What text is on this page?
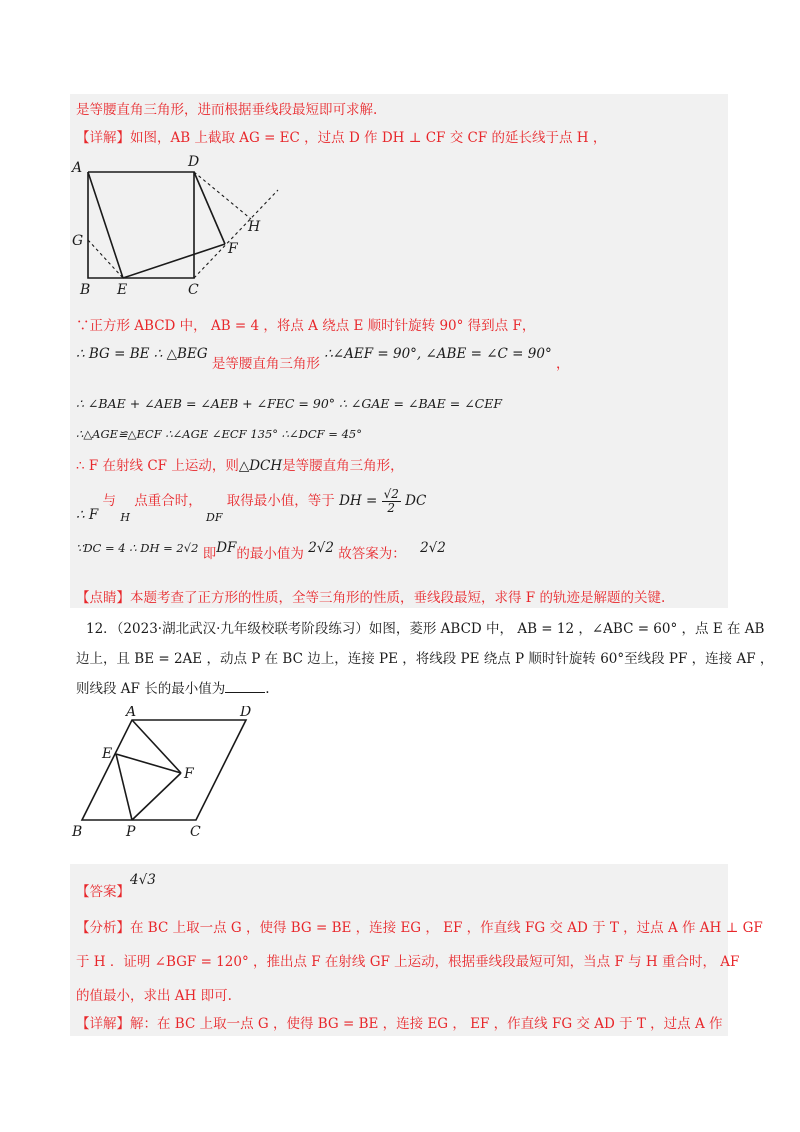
是等腰直角三角形，进而根据垂线段最短即可求解.
【详解】如图，AB 上截取 AG = EC ，过点 D 作 DH ⊥ CF 交 CF 的延长线于点 H ，
A	D
G
H
F
B E	C
∵正方形 ABCD 中， AB = 4 ，将点 A 绕点 E 顺时针旋转 90° 得到点 F，
∴ BG = BE ∴ △BEG 是等腰直角三角形 ∴∠AEF = 90°, ∠ABE = ∠C = 90° ，
∴ ∠BAE + ∠AEB = ∠AEB + ∠FEC = 90° ∴ ∠GAE = ∠BAE = ∠CEF
∴△AGE≌△ECF ∴∠AGE ∠ECF 135° ∴∠DCF = 45°
∴ F 在射线 CF 上运动，则△DCH是等腰直角三角形，
∴ F 与 $_H$ 点重合时， $_{DF}$ 取得最小值，等于 DH = $\frac{√2}{2}$ DC
∵DC = 4 ∴ DH = 2√2 即DF的最小值为 2√2 故答案为： 2√2
【点睛】本题考查了正方形的性质，全等三角形的性质，垂线段最短，求得 F 的轨迹是解题的关键.
12．（2023·湖北武汉·九年级校联考阶段练习）如图，菱形 ABCD 中， AB = 12 ，∠ABC = 60° ，点 E 在 AB
边上，且 BE = 2AE ，动点 P 在 BC 边上，连接 PE ，将线段 PE 绕点 P 顺时针旋转 60°至线段 PF ，连接 AF ，
则线段 AF 长的最小值为	.
A	D
E
F
B	P	C
【答案】4√3
【分析】在 BC 上取一点 G ，使得 BG = BE ，连接 EG ， EF ，作直线 FG 交 AD 于 T ，过点 A 作 AH ⊥ GF
于 H ．证明 ∠BGF = 120° ，推出点 F 在射线 GF 上运动，根据垂线段最短可知，当点 F 与 H 重合时， AF
的值最小，求出 AH 即可.
【详解】解：在 BC 上取一点 G ，使得 BG = BE ，连接 EG ， EF ，作直线 FG 交 AD 于 T ，过点 A 作
